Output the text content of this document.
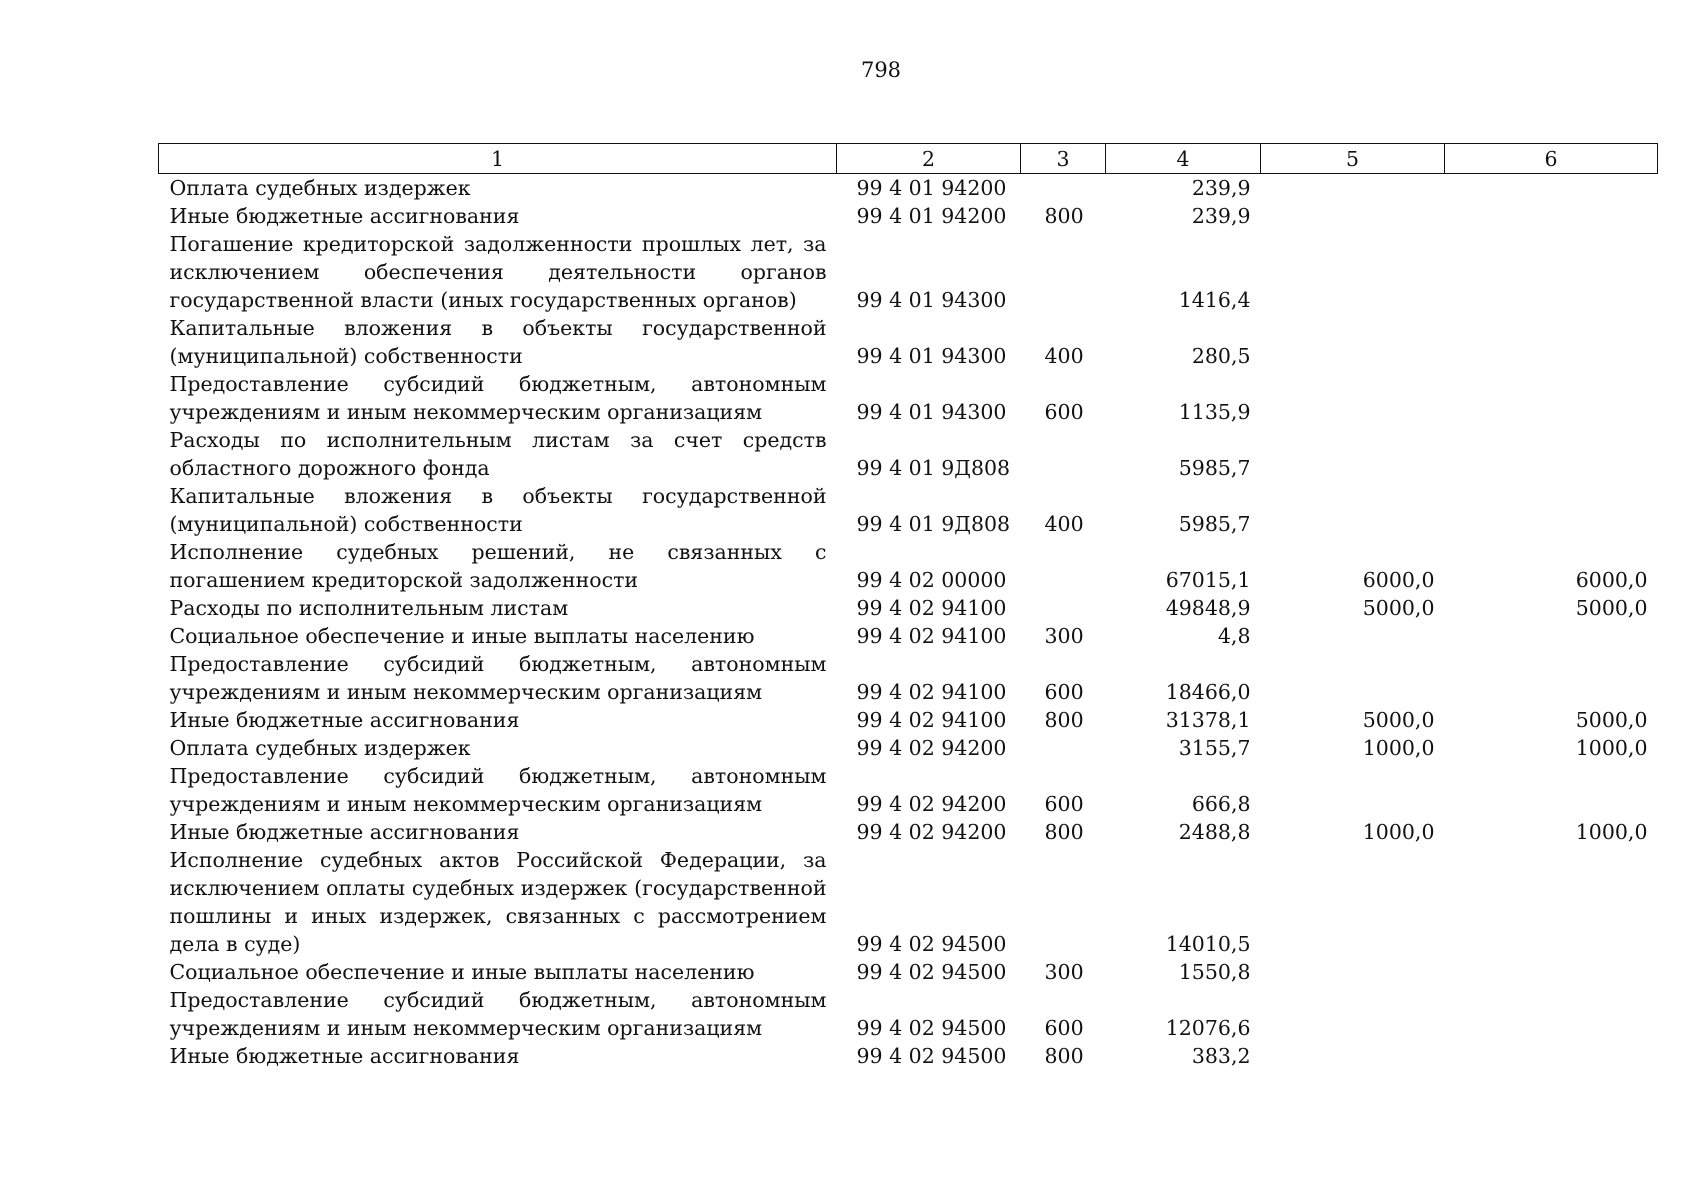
798
1	2	3	4	5	6
Оплата судебных издержек	99 4 01 94200		239,9		
Иные бюджетные ассигнования	99 4 01 94200	800	239,9		
Погашение кредиторской задолженности прошлых лет, за исключением обеспечения деятельности органов государственной власти (иных государственных органов)	99 4 01 94300		1416,4		
Капитальные вложения в объекты государственной (муниципальной) собственности	99 4 01 94300	400	280,5		
Предоставление субсидий бюджетным, автономным учреждениям и иным некоммерческим организациям	99 4 01 94300	600	1135,9		
Расходы по исполнительным листам за счет средств областного дорожного фонда	99 4 01 9Д808		5985,7		
Капитальные вложения в объекты государственной (муниципальной) собственности	99 4 01 9Д808	400	5985,7		
Исполнение судебных решений, не связанных с погашением кредиторской задолженности	99 4 02 00000		67015,1	6000,0	6000,0
Расходы по исполнительным листам	99 4 02 94100		49848,9	5000,0	5000,0
Социальное обеспечение и иные выплаты населению	99 4 02 94100	300	4,8		
Предоставление субсидий бюджетным, автономным учреждениям и иным некоммерческим организациям	99 4 02 94100	600	18466,0		
Иные бюджетные ассигнования	99 4 02 94100	800	31378,1	5000,0	5000,0
Оплата судебных издержек	99 4 02 94200		3155,7	1000,0	1000,0
Предоставление субсидий бюджетным, автономным учреждениям и иным некоммерческим организациям	99 4 02 94200	600	666,8		
Иные бюджетные ассигнования	99 4 02 94200	800	2488,8	1000,0	1000,0
Исполнение судебных актов Российской Федерации, за исключением оплаты судебных издержек (государственной пошлины и иных издержек, связанных с рассмотрением дела в суде)	99 4 02 94500		14010,5		
Социальное обеспечение и иные выплаты населению	99 4 02 94500	300	1550,8		
Предоставление субсидий бюджетным, автономным учреждениям и иным некоммерческим организациям	99 4 02 94500	600	12076,6		
Иные бюджетные ассигнования	99 4 02 94500	800	383,2		
